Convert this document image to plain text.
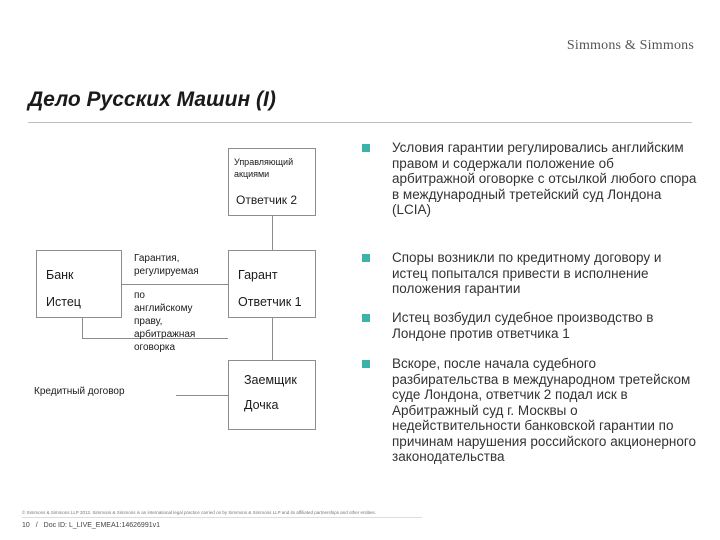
Simmons & Simmons
Дело Русских Машин (I)
Управляющий
акциями
Ответчик 2
Банк
Истец
Гарант
Ответчик 1
Заемщик
Дочка
Гарантия,
регулируемая
по
английскому
праву,
арбитражная
оговорка
Кредитный договор
Условия гарантии регулировались английским правом и содержали положение об арбитражной оговорке с отсылкой любого спора в международный третейский суд Лондона (LCIA)
Споры возникли по кредитному договору и истец попытался привести в исполнение положения гарантии
Истец возбудил судебное производство в Лондоне против ответчика 1
Вскоре, после начала судебного разбирательства в международном третейском суде Лондона, ответчик 2 подал иск в Арбитражный суд г. Москвы о недействительности банковской гарантии по причинам нарушения российского акционерного законодательства
© Simmons & Simmons LLP 2012. Simmons & Simmons is an international legal practice carried on by Simmons & Simmons LLP and its affiliated partnerships and other entities.
10 / Doc ID: L_LIVE_EMEA1:14626991v1
